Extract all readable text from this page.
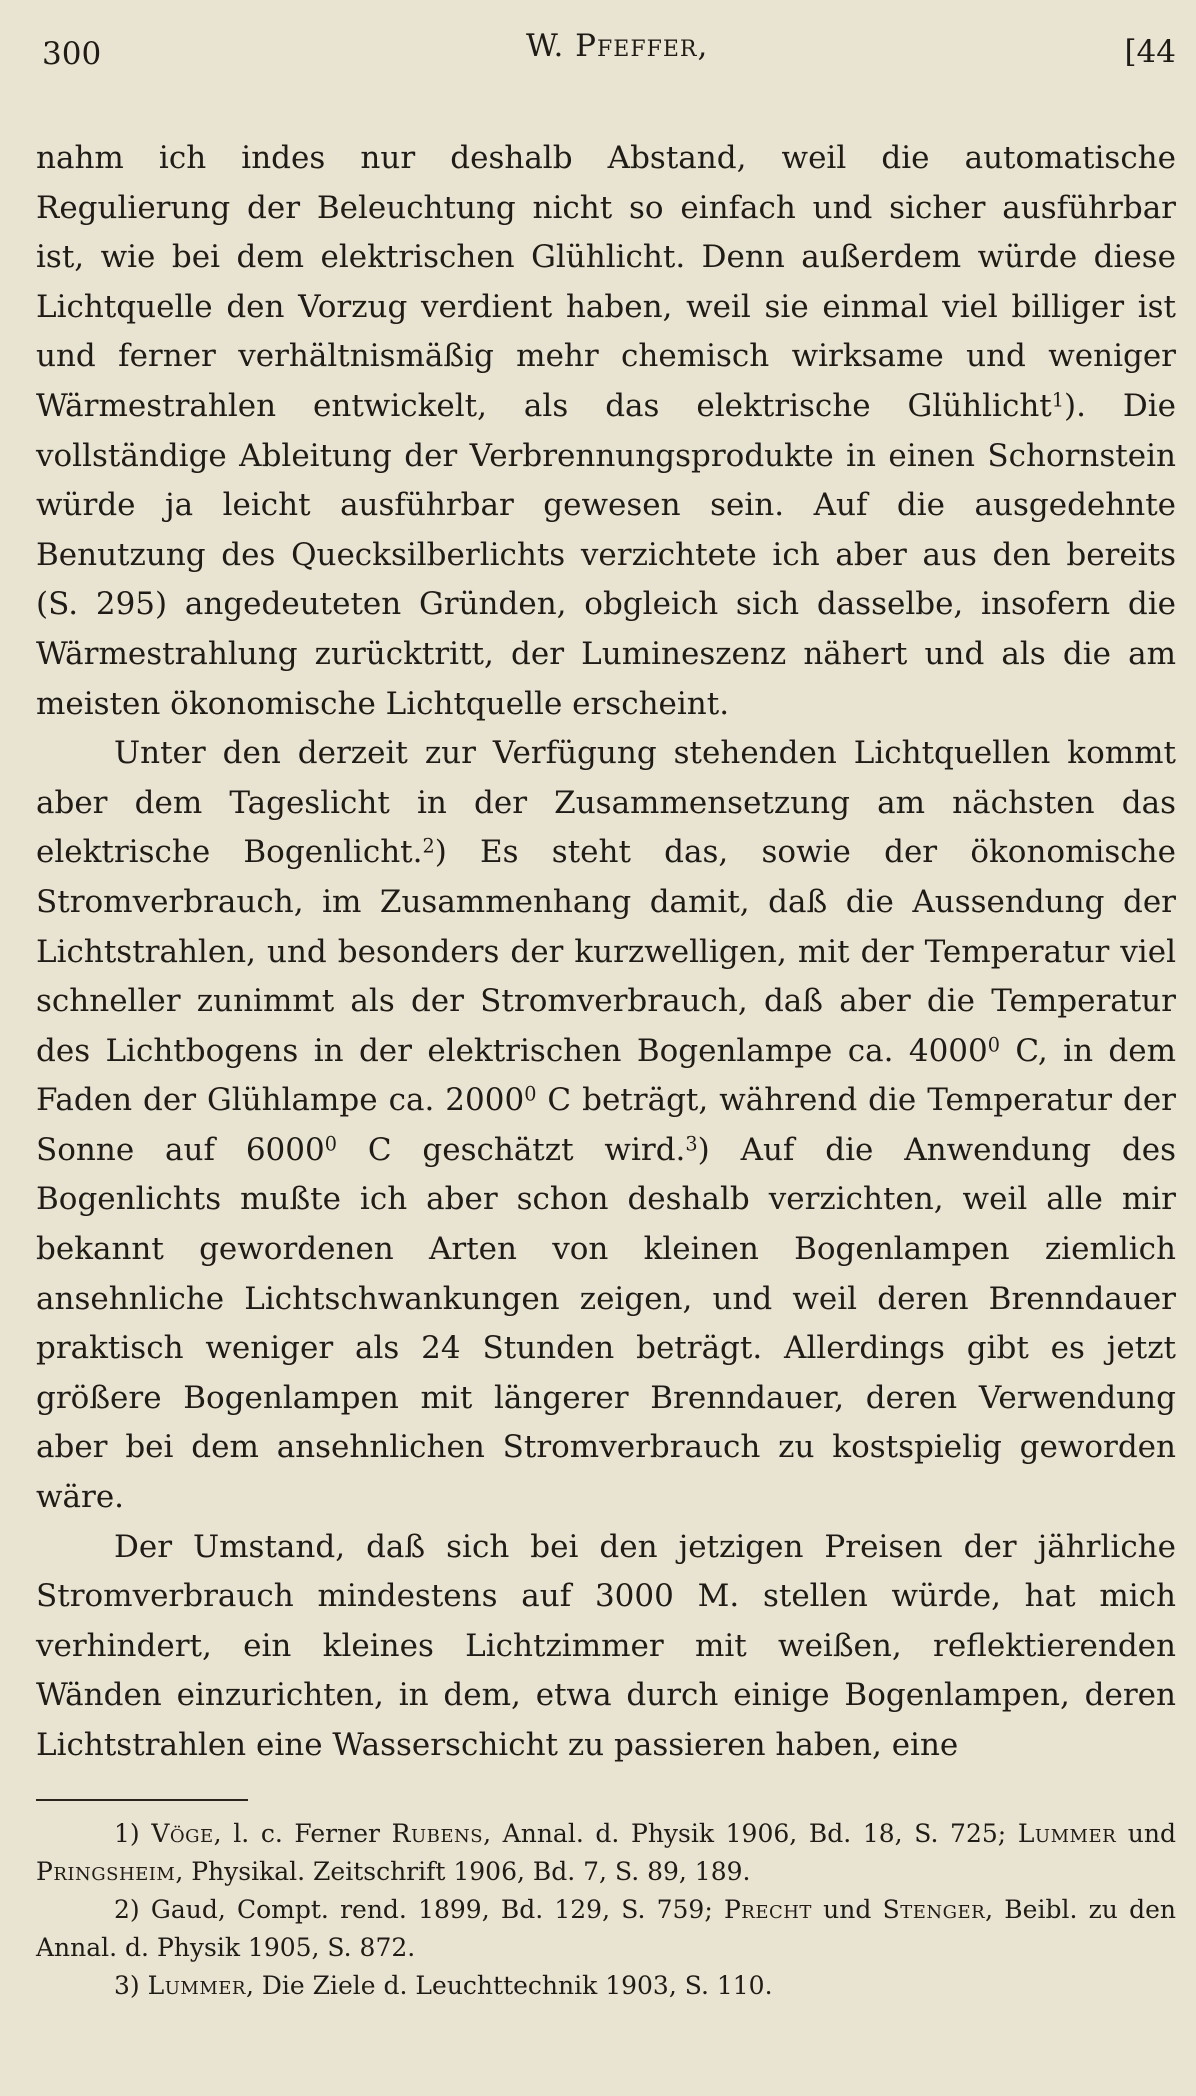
300	W. Pfeffer,	[44

nahm ich indes nur deshalb Abstand, weil die automatische Regulierung der Beleuchtung nicht so einfach und sicher ausführbar ist, wie bei dem elektrischen Glühlicht. Denn außerdem würde diese Lichtquelle den Vorzug verdient haben, weil sie einmal viel billiger ist und ferner verhältnismäßig mehr chemisch wirksame und weniger Wärmestrahlen entwickelt, als das elektrische Glühlicht$^1$). Die vollständige Ableitung der Verbrennungsprodukte in einen Schornstein würde ja leicht ausführbar gewesen sein. Auf die ausgedehnte Benutzung des Quecksilberlichts verzichtete ich aber aus den bereits (S. 295) angedeuteten Gründen, obgleich sich dasselbe, insofern die Wärmestrahlung zurücktritt, der Lumineszenz nähert und als die am meisten ökonomische Lichtquelle erscheint.

Unter den derzeit zur Verfügung stehenden Lichtquellen kommt aber dem Tageslicht in der Zusammensetzung am nächsten das elektrische Bogenlicht.$^2$) Es steht das, sowie der ökonomische Stromverbrauch, im Zusammenhang damit, daß die Aussendung der Lichtstrahlen, und besonders der kurzwelligen, mit der Temperatur viel schneller zunimmt als der Stromverbrauch, daß aber die Temperatur des Lichtbogens in der elektrischen Bogenlampe ca. 4000$^0$ C, in dem Faden der Glühlampe ca. 2000$^0$ C beträgt, während die Temperatur der Sonne auf 6000$^0$ C geschätzt wird.$^3$) Auf die Anwendung des Bogenlichts mußte ich aber schon deshalb verzichten, weil alle mir bekannt gewordenen Arten von kleinen Bogenlampen ziemlich ansehnliche Lichtschwankungen zeigen, und weil deren Brenndauer praktisch weniger als 24 Stunden beträgt. Allerdings gibt es jetzt größere Bogenlampen mit längerer Brenndauer, deren Verwendung aber bei dem ansehnlichen Stromverbrauch zu kostspielig geworden wäre.

Der Umstand, daß sich bei den jetzigen Preisen der jährliche Stromverbrauch mindestens auf 3000 M. stellen würde, hat mich verhindert, ein kleines Lichtzimmer mit weißen, reflektierenden Wänden einzurichten, in dem, etwa durch einige Bogenlampen, deren Lichtstrahlen eine Wasserschicht zu passieren haben, eine

1) Vöge, l. c. Ferner Rubens, Annal. d. Physik 1906, Bd. 18, S. 725; Lummer und Pringsheim, Physikal. Zeitschrift 1906, Bd. 7, S. 89, 189.

2) Gaud, Compt. rend. 1899, Bd. 129, S. 759; Precht und Stenger, Beibl. zu den Annal. d. Physik 1905, S. 872.

3) Lummer, Die Ziele d. Leuchttechnik 1903, S. 110.
